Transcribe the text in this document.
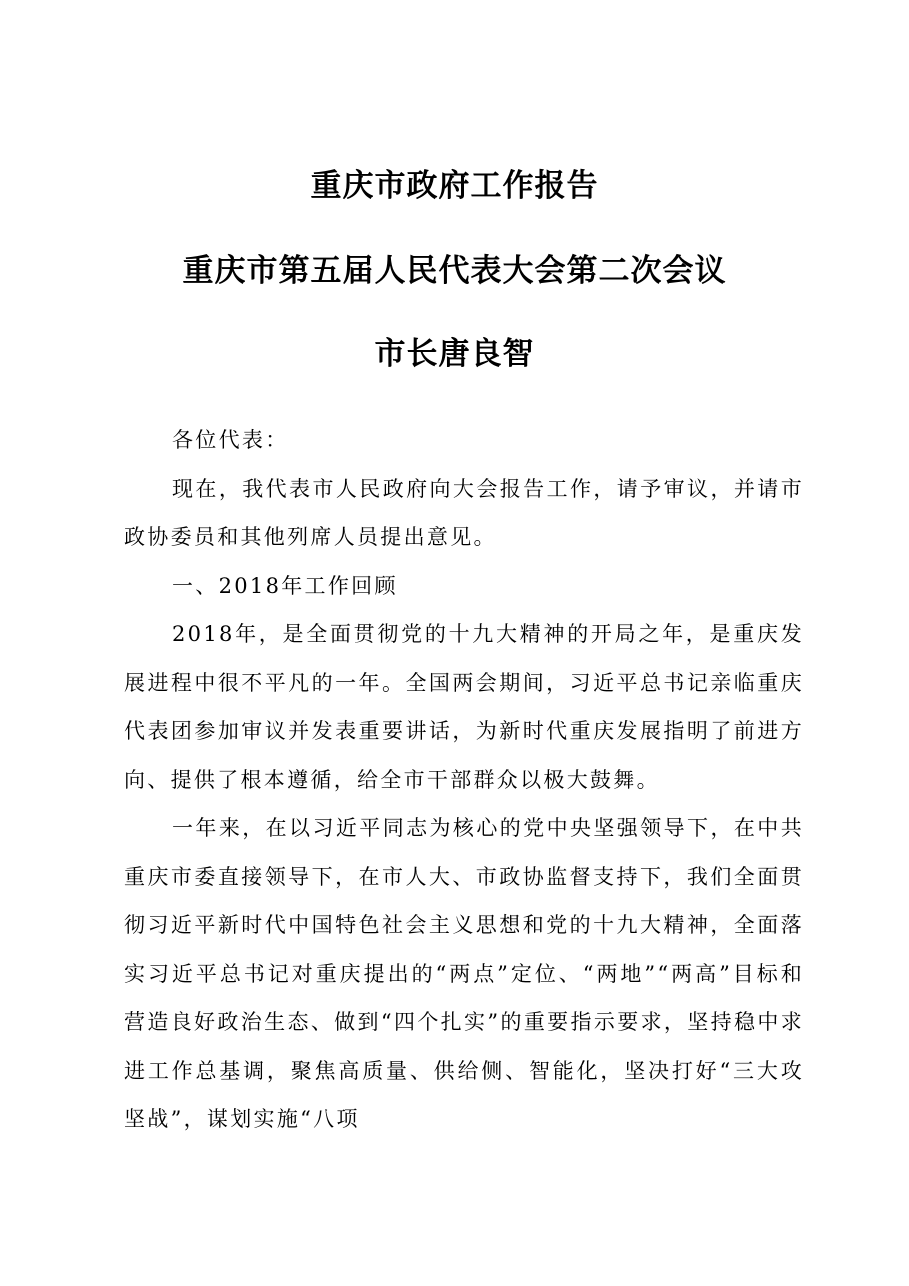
重庆市政府工作报告
重庆市第五届人民代表大会第二次会议
市长唐良智

各位代表：

现在，我代表市人民政府向大会报告工作，请予审议，并请市政协委员和其他列席人员提出意见。

一、2018年工作回顾

2018年，是全面贯彻党的十九大精神的开局之年，是重庆发展进程中很不平凡的一年。全国两会期间，习近平总书记亲临重庆代表团参加审议并发表重要讲话，为新时代重庆发展指明了前进方向、提供了根本遵循，给全市干部群众以极大鼓舞。

一年来，在以习近平同志为核心的党中央坚强领导下，在中共重庆市委直接领导下，在市人大、市政协监督支持下，我们全面贯彻习近平新时代中国特色社会主义思想和党的十九大精神，全面落实习近平总书记对重庆提出的“两点”定位、“两地”“两高”目标和营造良好政治生态、做到“四个扎实”的重要指示要求，坚持稳中求进工作总基调，聚焦高质量、供给侧、智能化，坚决打好“三大攻坚战”，谋划实施“八项
